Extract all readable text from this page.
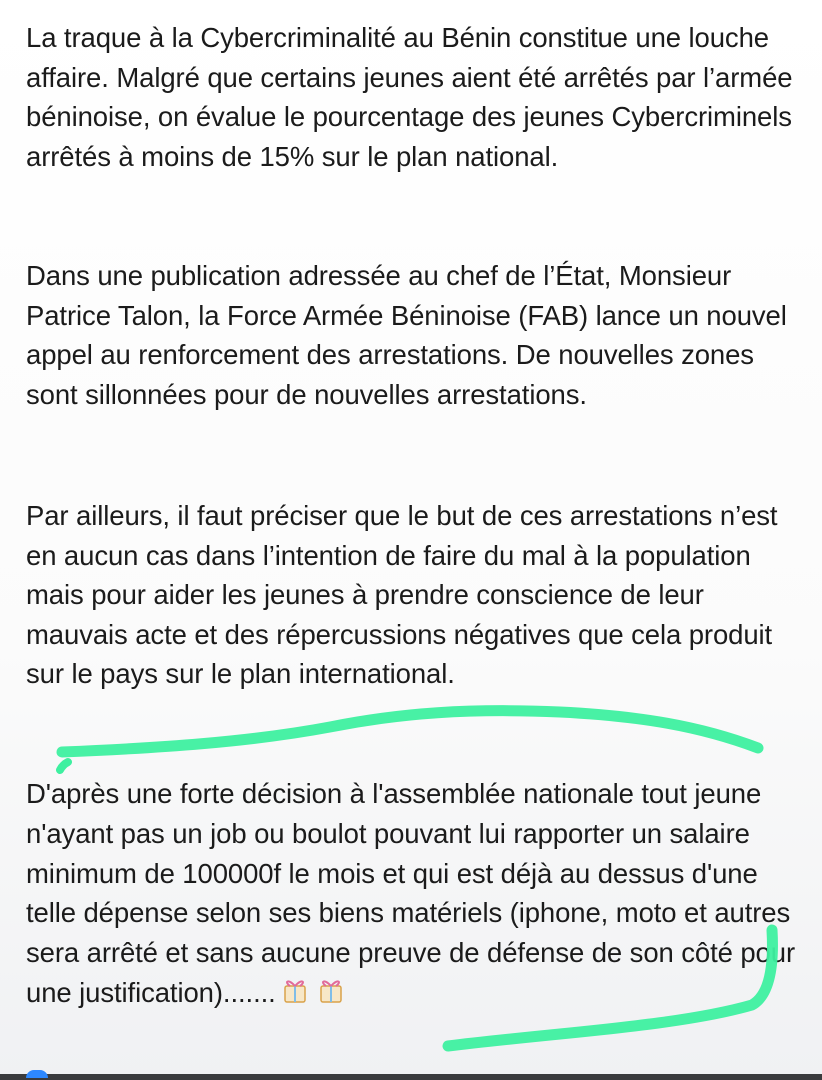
La traque à la Cybercriminalité au Bénin constitue une louche affaire. Malgré que certains jeunes aient été arrêtés par l’armée béninoise, on évalue le pourcentage des jeunes Cybercriminels arrêtés à moins de 15% sur le plan national.

Dans une publication adressée au chef de l’État, Monsieur Patrice Talon, la Force Armée Béninoise (FAB) lance un nouvel appel au renforcement des arrestations. De nouvelles zones sont sillonnées pour de nouvelles arrestations.

Par ailleurs, il faut préciser que le but de ces arrestations n’est en aucun cas dans l’intention de faire du mal à la population mais pour aider les jeunes à prendre conscience de leur mauvais acte et des répercussions négatives que cela produit sur le pays sur le plan international.

D'après une forte décision à l'assemblée nationale tout jeune n'ayant pas un job ou boulot pouvant lui rapporter un salaire minimum de 100000f le mois et qui est déjà au dessus d'une telle dépense selon ses biens matériels (iphone, moto et autres sera arrêté et sans aucune preuve de défense de son côté pour une justification).......
